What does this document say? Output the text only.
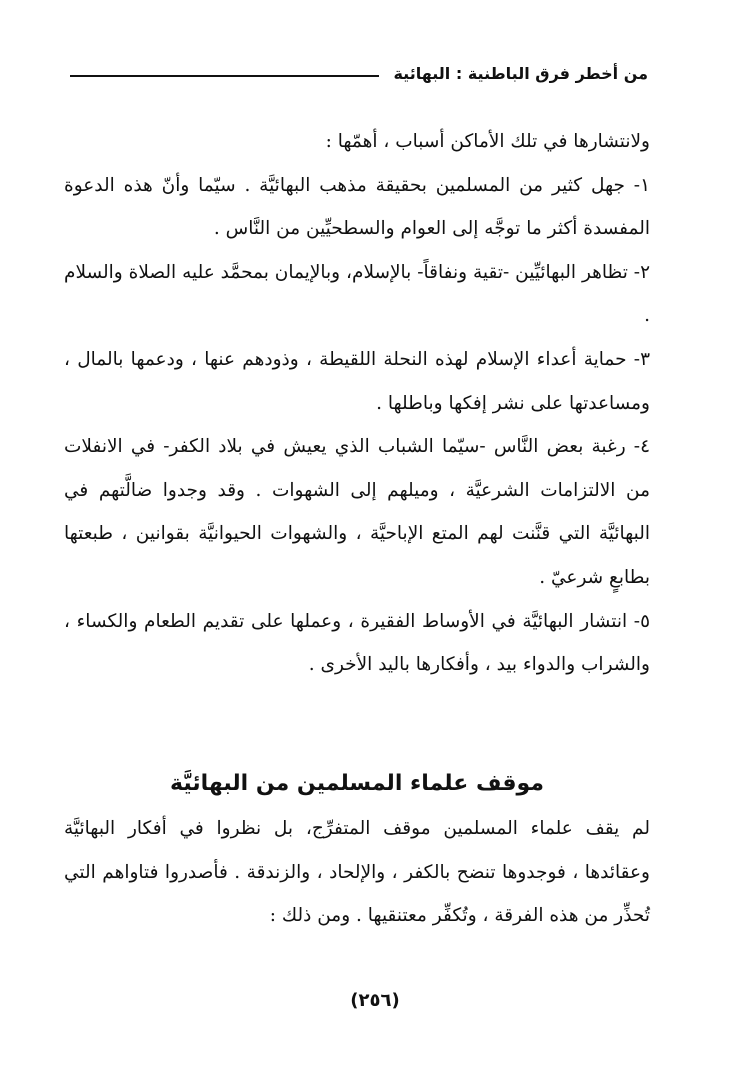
من أخطر فرق الباطنية : البهائية

ولانتشارها في تلك الأماكن أسباب ، أهمّها :

١- جهل كثير من المسلمين بحقيقة مذهب البهائيَّة . سيّما وأنّ هذه الدعوة المفسدة أكثر ما توجَّه إلى العوام والسطحيِّين من النَّاس .

٢- تظاهر البهائيِّين -تقية ونفاقاً- بالإسلام، وبالإيمان بمحمَّد عليه الصلاة والسلام .

٣- حماية أعداء الإسلام لهذه النحلة اللقيطة ، وذودهم عنها ، ودعمها بالمال ، ومساعدتها على نشر إفكها وباطلها .

٤- رغبة بعض النَّاس -سيّما الشباب الذي يعيش في بلاد الكفر- في الانفلات من الالتزامات الشرعيَّة ، وميلهم إلى الشهوات . وقد وجدوا ضالَّتهم في البهائيَّة التي قنَّنت لهم المتع الإباحيَّة ، والشهوات الحيوانيَّة بقوانين ، طبعتها بطابعٍ شرعيّ .

٥- انتشار البهائيَّة في الأوساط الفقيرة ، وعملها على تقديم الطعام والكساء ، والشراب والدواء بيد ، وأفكارها باليد الأخرى .

موقف علماء المسلمين من البهائيَّة

لم يقف علماء المسلمين موقف المتفرِّج، بل نظروا في أفكار البهائيَّة وعقائدها ، فوجدوها تنضح بالكفر ، والإلحاد ، والزندقة . فأصدروا فتاواهم التي تُحذِّر من هذه الفرقة ، وتُكفِّر معتنقيها . ومن ذلك :

(٢٥٦)
